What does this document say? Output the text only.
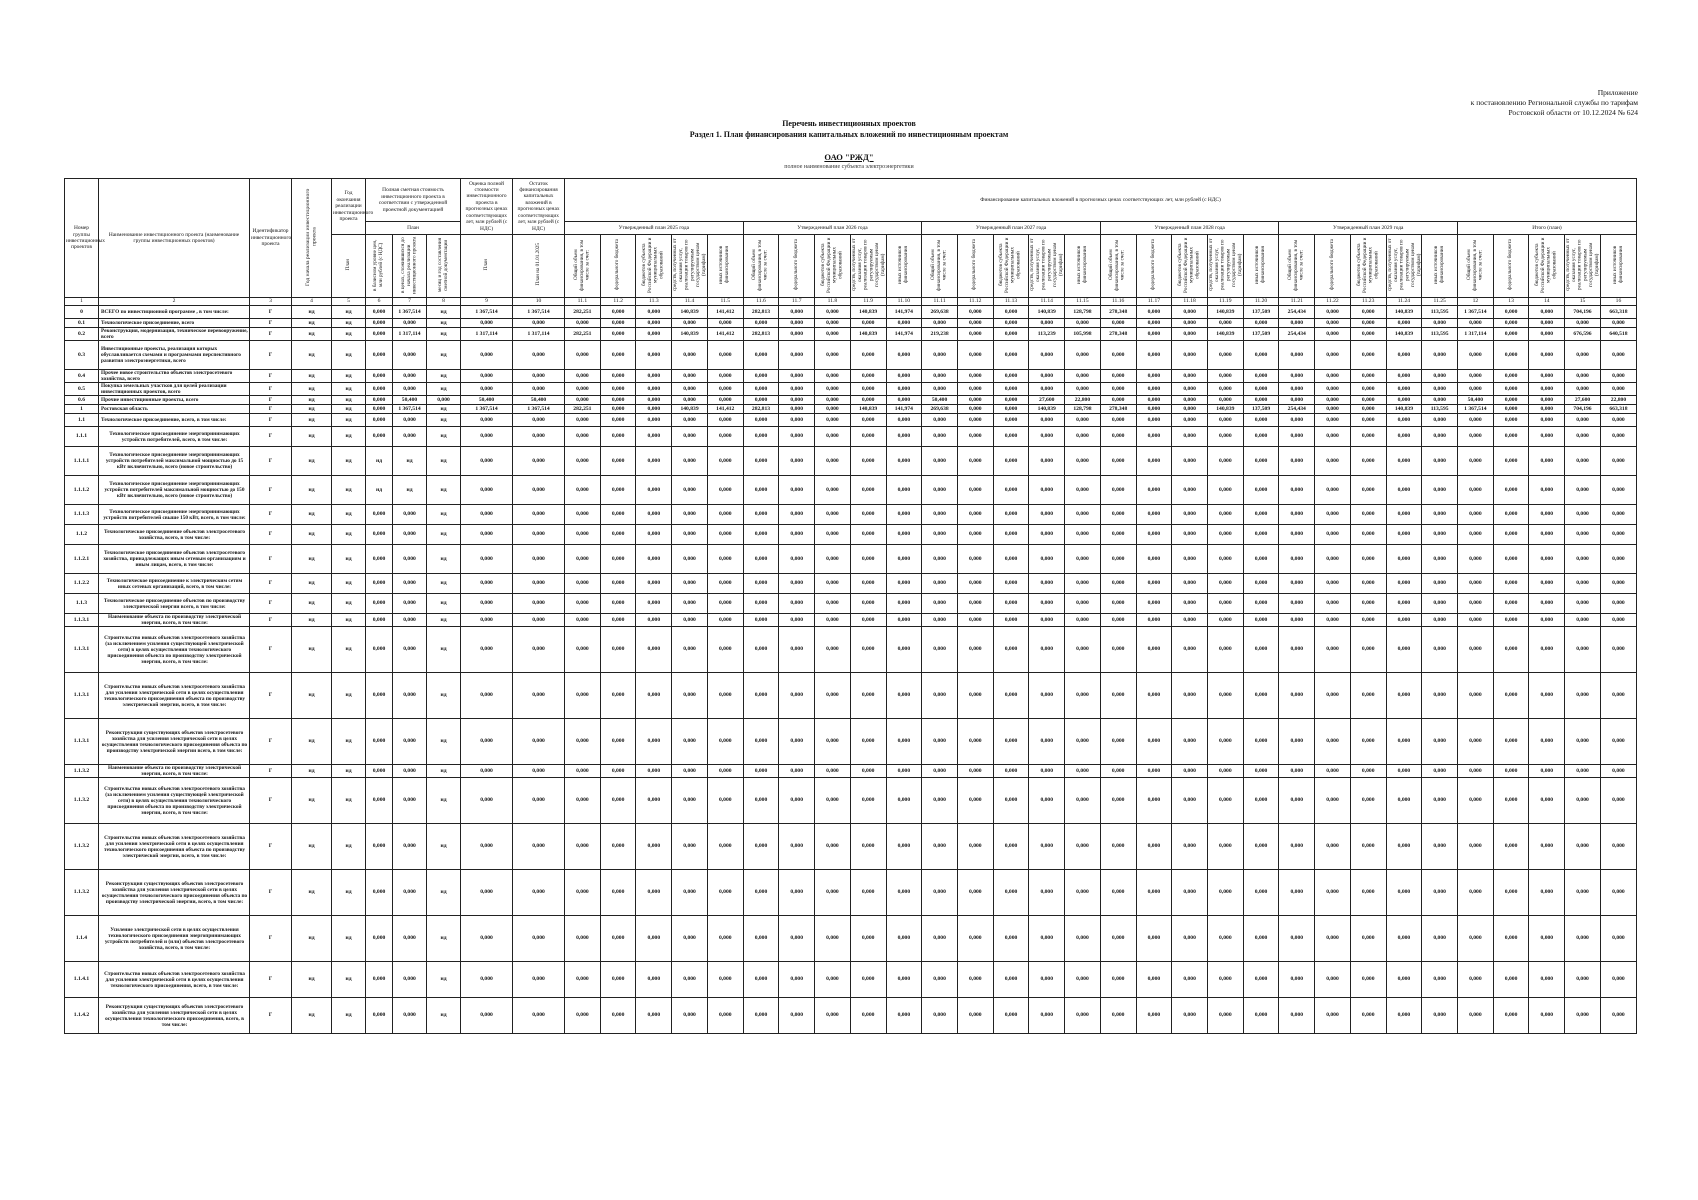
Приложение
к постановлению Региональной службы по тарифам
Ростовской области от 10.12.2024 № 624
Перечень инвестиционных проектов
Раздел 1. План финансирования капитальных вложений по инвестиционным проектам
ОАО "РЖД"
полное наименование субъекта электроэнергетики
Номер группы инвестиционных проектов	Наименование инвестиционного проекта (наименование группы инвестиционных проектов)	Идентификатор инвестиционного проекта	Год начала реализации инвестиционного проекта	Год окончания реализации инвестиционного проекта	Полная сметная стоимость инвестиционного проекта в соответствии с утвержденной проектной документацией			Оценка полной стоимости инвестиционного проекта в прогнозных ценах соответствующих лет, млн рублей (с НДС)	Остаток финансирования капитальных вложений в прогнозных ценах соответствующих лет, млн рублей (с НДС)	Финансирование капитальных вложений в прогнозных ценах соответствующих лет, млн рублей (с НДС)																													
					План					Утвержденный план 2025 года					Утвержденный план 2026 года					Утвержденный план 2027 года					Утвержденный план 2028 года					Утвержденный план 2029 года					Итого (план)				
				План	в базисном уровне цен, млн рублей (с НДС)	в ценах, сложившихся до начала реализации инвестиционного проекта	месяц и год составления сметной документации	План	План на 01.01.2025	Общий объем финансирования, в том числе за счет:	федерального бюджета	бюджетов субъекта Российской Федерации и муниципальных образований	средств, полученных от оказания услуг, реализации товаров по регулируемым государством ценам (тарифам)	иных источников финансирования	Общий объем финансирования, в том числе за счет:	федерального бюджета	бюджетов субъекта Российской Федерации и муниципальных образований	средств, полученных от оказания услуг, реализации товаров по регулируемым государством ценам (тарифам)	иных источников финансирования	Общий объем финансирования, в том числе за счет:	федерального бюджета	бюджетов субъекта Российской Федерации и муниципальных образований	средств, полученных от оказания услуг, реализации товаров по регулируемым государством ценам (тарифам)	иных источников финансирования	Общий объем финансирования, в том числе за счет:	федерального бюджета	бюджетов субъекта Российской Федерации и муниципальных образований	средств, полученных от оказания услуг, реализации товаров по регулируемым государством ценам (тарифам)	иных источников финансирования	Общий объем финансирования, в том числе за счет:	федерального бюджета	бюджетов субъекта Российской Федерации и муниципальных образований	средств, полученных от оказания услуг, реализации товаров по регулируемым государством ценам (тарифам)	иных источников финансирования	Общий объем финансирования, в том числе за счет:	федерального бюджета	бюджетов субъекта Российской Федерации и муниципальных образований	средств, полученных от оказания услуг, реализации товаров по регулируемым государством ценам (тарифам)	иных источников финансирования
1	2	3	4	5	6	7	8	9	10	11.1	11.2	11.3	11.4	11.5	11.6	11.7	11.8	11.9	11.10	11.11	11.12	11.13	11.14	11.15	11.16	11.17	11.18	11.19	11.20	11.21	11.22	11.23	11.24	11.25	12	13	14	15	16
0	ВСЕГО по инвестиционной программе , в том числе:	Г	нд	нд	0,000	1 367,514	нд	1 367,514	1 367,514	282,251	0,000	0,000	140,839	141,412	282,813	0,000	0,000	140,839	141,974	269,638	0,000	0,000	140,839	128,798	278,348	0,000	0,000	140,839	137,509	254,434	0,000	0,000	140,839	113,595	1 367,514	0,000	0,000	704,196	663,318
0.1	Технологическое присоединение, всего	Г	нд	нд	0,000	0,000	нд	0,000	0,000	0,000	0,000	0,000	0,000	0,000	0,000	0,000	0,000	0,000	0,000	0,000	0,000	0,000	0,000	0,000	0,000	0,000	0,000	0,000	0,000	0,000	0,000	0,000	0,000	0,000	0,000	0,000	0,000	0,000	0,000
0.2	Реконструкция, модернизация, техническое перевооружение, всего	Г	нд	нд	0,000	1 317,114	нд	1 317,114	1 317,114	282,251	0,000	0,000	140,839	141,412	282,813	0,000	0,000	140,839	141,974	219,238	0,000	0,000	113,239	105,998	278,348	0,000	0,000	140,839	137,509	254,434	0,000	0,000	140,839	113,595	1 317,114	0,000	0,000	676,596	640,518
0.3	Инвестиционные проекты, реализация которых обуславливается схемами и программами перспективного развития электроэнергетики, всего	Г	нд	нд	0,000	0,000	нд	0,000	0,000	0,000	0,000	0,000	0,000	0,000	0,000	0,000	0,000	0,000	0,000	0,000	0,000	0,000	0,000	0,000	0,000	0,000	0,000	0,000	0,000	0,000	0,000	0,000	0,000	0,000	0,000	0,000	0,000	0,000	0,000
0.4	Прочее новое строительство объектов электросетевого хозяйства, всего	Г	нд	нд	0,000	0,000	нд	0,000	0,000	0,000	0,000	0,000	0,000	0,000	0,000	0,000	0,000	0,000	0,000	0,000	0,000	0,000	0,000	0,000	0,000	0,000	0,000	0,000	0,000	0,000	0,000	0,000	0,000	0,000	0,000	0,000	0,000	0,000	0,000
0.5	Покупка земельных участков для целей реализации инвестиционных проектов, всего	Г	нд	нд	0,000	0,000	нд	0,000	0,000	0,000	0,000	0,000	0,000	0,000	0,000	0,000	0,000	0,000	0,000	0,000	0,000	0,000	0,000	0,000	0,000	0,000	0,000	0,000	0,000	0,000	0,000	0,000	0,000	0,000	0,000	0,000	0,000	0,000	0,000
0.6	Прочие инвестиционные проекты, всего	Г	нд	нд	0,000	50,400	0,000	50,400	50,400	0,000	0,000	0,000	0,000	0,000	0,000	0,000	0,000	0,000	0,000	50,400	0,000	0,000	27,600	22,800	0,000	0,000	0,000	0,000	0,000	0,000	0,000	0,000	0,000	0,000	50,400	0,000	0,000	27,600	22,800
1	Ростовская область	Г	нд	нд	0,000	1 367,514	нд	1 367,514	1 367,514	282,251	0,000	0,000	140,839	141,412	282,813	0,000	0,000	140,839	141,974	269,638	0,000	0,000	140,839	128,798	278,348	0,000	0,000	140,839	137,509	254,434	0,000	0,000	140,839	113,595	1 367,514	0,000	0,000	704,196	663,318
1.1	Технологическое присоединение, всего, в том числе:	Г	нд	нд	0,000	0,000	нд	0,000	0,000	0,000	0,000	0,000	0,000	0,000	0,000	0,000	0,000	0,000	0,000	0,000	0,000	0,000	0,000	0,000	0,000	0,000	0,000	0,000	0,000	0,000	0,000	0,000	0,000	0,000	0,000	0,000	0,000	0,000	0,000
1.1.1	Технологическое присоединение энергопринимающих устройств потребителей, всего, в том числе:	Г	нд	нд	0,000	0,000	нд	0,000	0,000	0,000	0,000	0,000	0,000	0,000	0,000	0,000	0,000	0,000	0,000	0,000	0,000	0,000	0,000	0,000	0,000	0,000	0,000	0,000	0,000	0,000	0,000	0,000	0,000	0,000	0,000	0,000	0,000	0,000	0,000
1.1.1.1	Технологическое присоединение энергопринимающих устройств потребителей максимальной мощностью до 15 кВт включительно, всего (новое строительство)	Г	нд	нд	нд	нд	нд	0,000	0,000	0,000	0,000	0,000	0,000	0,000	0,000	0,000	0,000	0,000	0,000	0,000	0,000	0,000	0,000	0,000	0,000	0,000	0,000	0,000	0,000	0,000	0,000	0,000	0,000	0,000	0,000	0,000	0,000	0,000	0,000
1.1.1.2	Технологическое присоединение энергопринимающих устройств потребителей максимальной мощностью до 150 кВт включительно, всего (новое строительство)	Г	нд	нд	нд	нд	нд	0,000	0,000	0,000	0,000	0,000	0,000	0,000	0,000	0,000	0,000	0,000	0,000	0,000	0,000	0,000	0,000	0,000	0,000	0,000	0,000	0,000	0,000	0,000	0,000	0,000	0,000	0,000	0,000	0,000	0,000	0,000	0,000
1.1.1.3	Технологическое присоединение энергопринимающих устройств потребителей свыше 150 кВт, всего, в том числе:	Г	нд	нд	0,000	0,000	нд	0,000	0,000	0,000	0,000	0,000	0,000	0,000	0,000	0,000	0,000	0,000	0,000	0,000	0,000	0,000	0,000	0,000	0,000	0,000	0,000	0,000	0,000	0,000	0,000	0,000	0,000	0,000	0,000	0,000	0,000	0,000	0,000
1.1.2	Технологическое присоединение объектов электросетевого хозяйства, всего, в том числе:	Г	нд	нд	0,000	0,000	нд	0,000	0,000	0,000	0,000	0,000	0,000	0,000	0,000	0,000	0,000	0,000	0,000	0,000	0,000	0,000	0,000	0,000	0,000	0,000	0,000	0,000	0,000	0,000	0,000	0,000	0,000	0,000	0,000	0,000	0,000	0,000	0,000
1.1.2.1	Технологическое присоединение объектов электросетевого хозяйства, принадлежащих иным сетевым организациям и иным лицам, всего, в том числе:	Г	нд	нд	0,000	0,000	нд	0,000	0,000	0,000	0,000	0,000	0,000	0,000	0,000	0,000	0,000	0,000	0,000	0,000	0,000	0,000	0,000	0,000	0,000	0,000	0,000	0,000	0,000	0,000	0,000	0,000	0,000	0,000	0,000	0,000	0,000	0,000	0,000
1.1.2.2	Технологическое присоединение к электрическим сетям иных сетевых организаций, всего, в том числе:	Г	нд	нд	0,000	0,000	нд	0,000	0,000	0,000	0,000	0,000	0,000	0,000	0,000	0,000	0,000	0,000	0,000	0,000	0,000	0,000	0,000	0,000	0,000	0,000	0,000	0,000	0,000	0,000	0,000	0,000	0,000	0,000	0,000	0,000	0,000	0,000	0,000
1.1.3	Технологическое присоединение объектов по производству электрической энергии всего, в том числе:	Г	нд	нд	0,000	0,000	нд	0,000	0,000	0,000	0,000	0,000	0,000	0,000	0,000	0,000	0,000	0,000	0,000	0,000	0,000	0,000	0,000	0,000	0,000	0,000	0,000	0,000	0,000	0,000	0,000	0,000	0,000	0,000	0,000	0,000	0,000	0,000	0,000
1.1.3.1	Наименование объекта по производству электрической энергии, всего, в том числе:	Г	нд	нд	0,000	0,000	нд	0,000	0,000	0,000	0,000	0,000	0,000	0,000	0,000	0,000	0,000	0,000	0,000	0,000	0,000	0,000	0,000	0,000	0,000	0,000	0,000	0,000	0,000	0,000	0,000	0,000	0,000	0,000	0,000	0,000	0,000	0,000	0,000
1.1.3.1	Строительство новых объектов электросетевого хозяйства (за исключением усиления существующей электрической сети) в целях осуществления технологического присоединения объекта по производству электрической энергии, всего, в том числе:	Г	нд	нд	0,000	0,000	нд	0,000	0,000	0,000	0,000	0,000	0,000	0,000	0,000	0,000	0,000	0,000	0,000	0,000	0,000	0,000	0,000	0,000	0,000	0,000	0,000	0,000	0,000	0,000	0,000	0,000	0,000	0,000	0,000	0,000	0,000	0,000	0,000
1.1.3.1	Строительство новых объектов электросетевого хозяйства для усиления электрической сети в целях осуществления технологического присоединения объекта по производству электрической энергии, всего, в том числе:	Г	нд	нд	0,000	0,000	нд	0,000	0,000	0,000	0,000	0,000	0,000	0,000	0,000	0,000	0,000	0,000	0,000	0,000	0,000	0,000	0,000	0,000	0,000	0,000	0,000	0,000	0,000	0,000	0,000	0,000	0,000	0,000	0,000	0,000	0,000	0,000	0,000
1.1.3.1	Реконструкция существующих объектов электросетевого хозяйства для усиления электрической сети в целях осуществления технологического присоединения объекта по производству электрической энергии всего, в том числе:	Г	нд	нд	0,000	0,000	нд	0,000	0,000	0,000	0,000	0,000	0,000	0,000	0,000	0,000	0,000	0,000	0,000	0,000	0,000	0,000	0,000	0,000	0,000	0,000	0,000	0,000	0,000	0,000	0,000	0,000	0,000	0,000	0,000	0,000	0,000	0,000	0,000
1.1.3.2	Наименование объекта по производству электрической энергии, всего, в том числе:	Г	нд	нд	0,000	0,000	нд	0,000	0,000	0,000	0,000	0,000	0,000	0,000	0,000	0,000	0,000	0,000	0,000	0,000	0,000	0,000	0,000	0,000	0,000	0,000	0,000	0,000	0,000	0,000	0,000	0,000	0,000	0,000	0,000	0,000	0,000	0,000	0,000
1.1.3.2	Строительство новых объектов электросетевого хозяйства (за исключением усиления существующей электрической сети) в целях осуществления технологического присоединения объекта по производству электрической энергии, всего, в том числе:	Г	нд	нд	0,000	0,000	нд	0,000	0,000	0,000	0,000	0,000	0,000	0,000	0,000	0,000	0,000	0,000	0,000	0,000	0,000	0,000	0,000	0,000	0,000	0,000	0,000	0,000	0,000	0,000	0,000	0,000	0,000	0,000	0,000	0,000	0,000	0,000	0,000
1.1.3.2	Строительство новых объектов электросетевого хозяйства для усиления электрической сети в целях осуществления технологического присоединения объекта по производству электрической энергии, всего, в том числе:	Г	нд	нд	0,000	0,000	нд	0,000	0,000	0,000	0,000	0,000	0,000	0,000	0,000	0,000	0,000	0,000	0,000	0,000	0,000	0,000	0,000	0,000	0,000	0,000	0,000	0,000	0,000	0,000	0,000	0,000	0,000	0,000	0,000	0,000	0,000	0,000	0,000
1.1.3.2	Реконструкция существующих объектов электросетевого хозяйства для усиления электрической сети в целях осуществления технологического присоединения объекта по производству электрической энергии, всего, в том числе:	Г	нд	нд	0,000	0,000	нд	0,000	0,000	0,000	0,000	0,000	0,000	0,000	0,000	0,000	0,000	0,000	0,000	0,000	0,000	0,000	0,000	0,000	0,000	0,000	0,000	0,000	0,000	0,000	0,000	0,000	0,000	0,000	0,000	0,000	0,000	0,000	0,000
1.1.4	Усиление электрической сети в целях осуществления технологического присоединения энергопринимающих устройств потребителей и (или) объектов электросетевого хозяйства, всего, в том числе:	Г	нд	нд	0,000	0,000	нд	0,000	0,000	0,000	0,000	0,000	0,000	0,000	0,000	0,000	0,000	0,000	0,000	0,000	0,000	0,000	0,000	0,000	0,000	0,000	0,000	0,000	0,000	0,000	0,000	0,000	0,000	0,000	0,000	0,000	0,000	0,000	0,000
1.1.4.1	Строительство новых объектов электросетевого хозяйства для усиления электрической сети в целях осуществления технологического присоединения, всего, в том числе:	Г	нд	нд	0,000	0,000	нд	0,000	0,000	0,000	0,000	0,000	0,000	0,000	0,000	0,000	0,000	0,000	0,000	0,000	0,000	0,000	0,000	0,000	0,000	0,000	0,000	0,000	0,000	0,000	0,000	0,000	0,000	0,000	0,000	0,000	0,000	0,000	0,000
1.1.4.2	Реконструкция существующих объектов электросетевого хозяйства для усиления электрической сети в целях осуществления технологического присоединения, всего, в том числе:	Г	нд	нд	0,000	0,000	нд	0,000	0,000	0,000	0,000	0,000	0,000	0,000	0,000	0,000	0,000	0,000	0,000	0,000	0,000	0,000	0,000	0,000	0,000	0,000	0,000	0,000	0,000	0,000	0,000	0,000	0,000	0,000	0,000	0,000	0,000	0,000	0,000
